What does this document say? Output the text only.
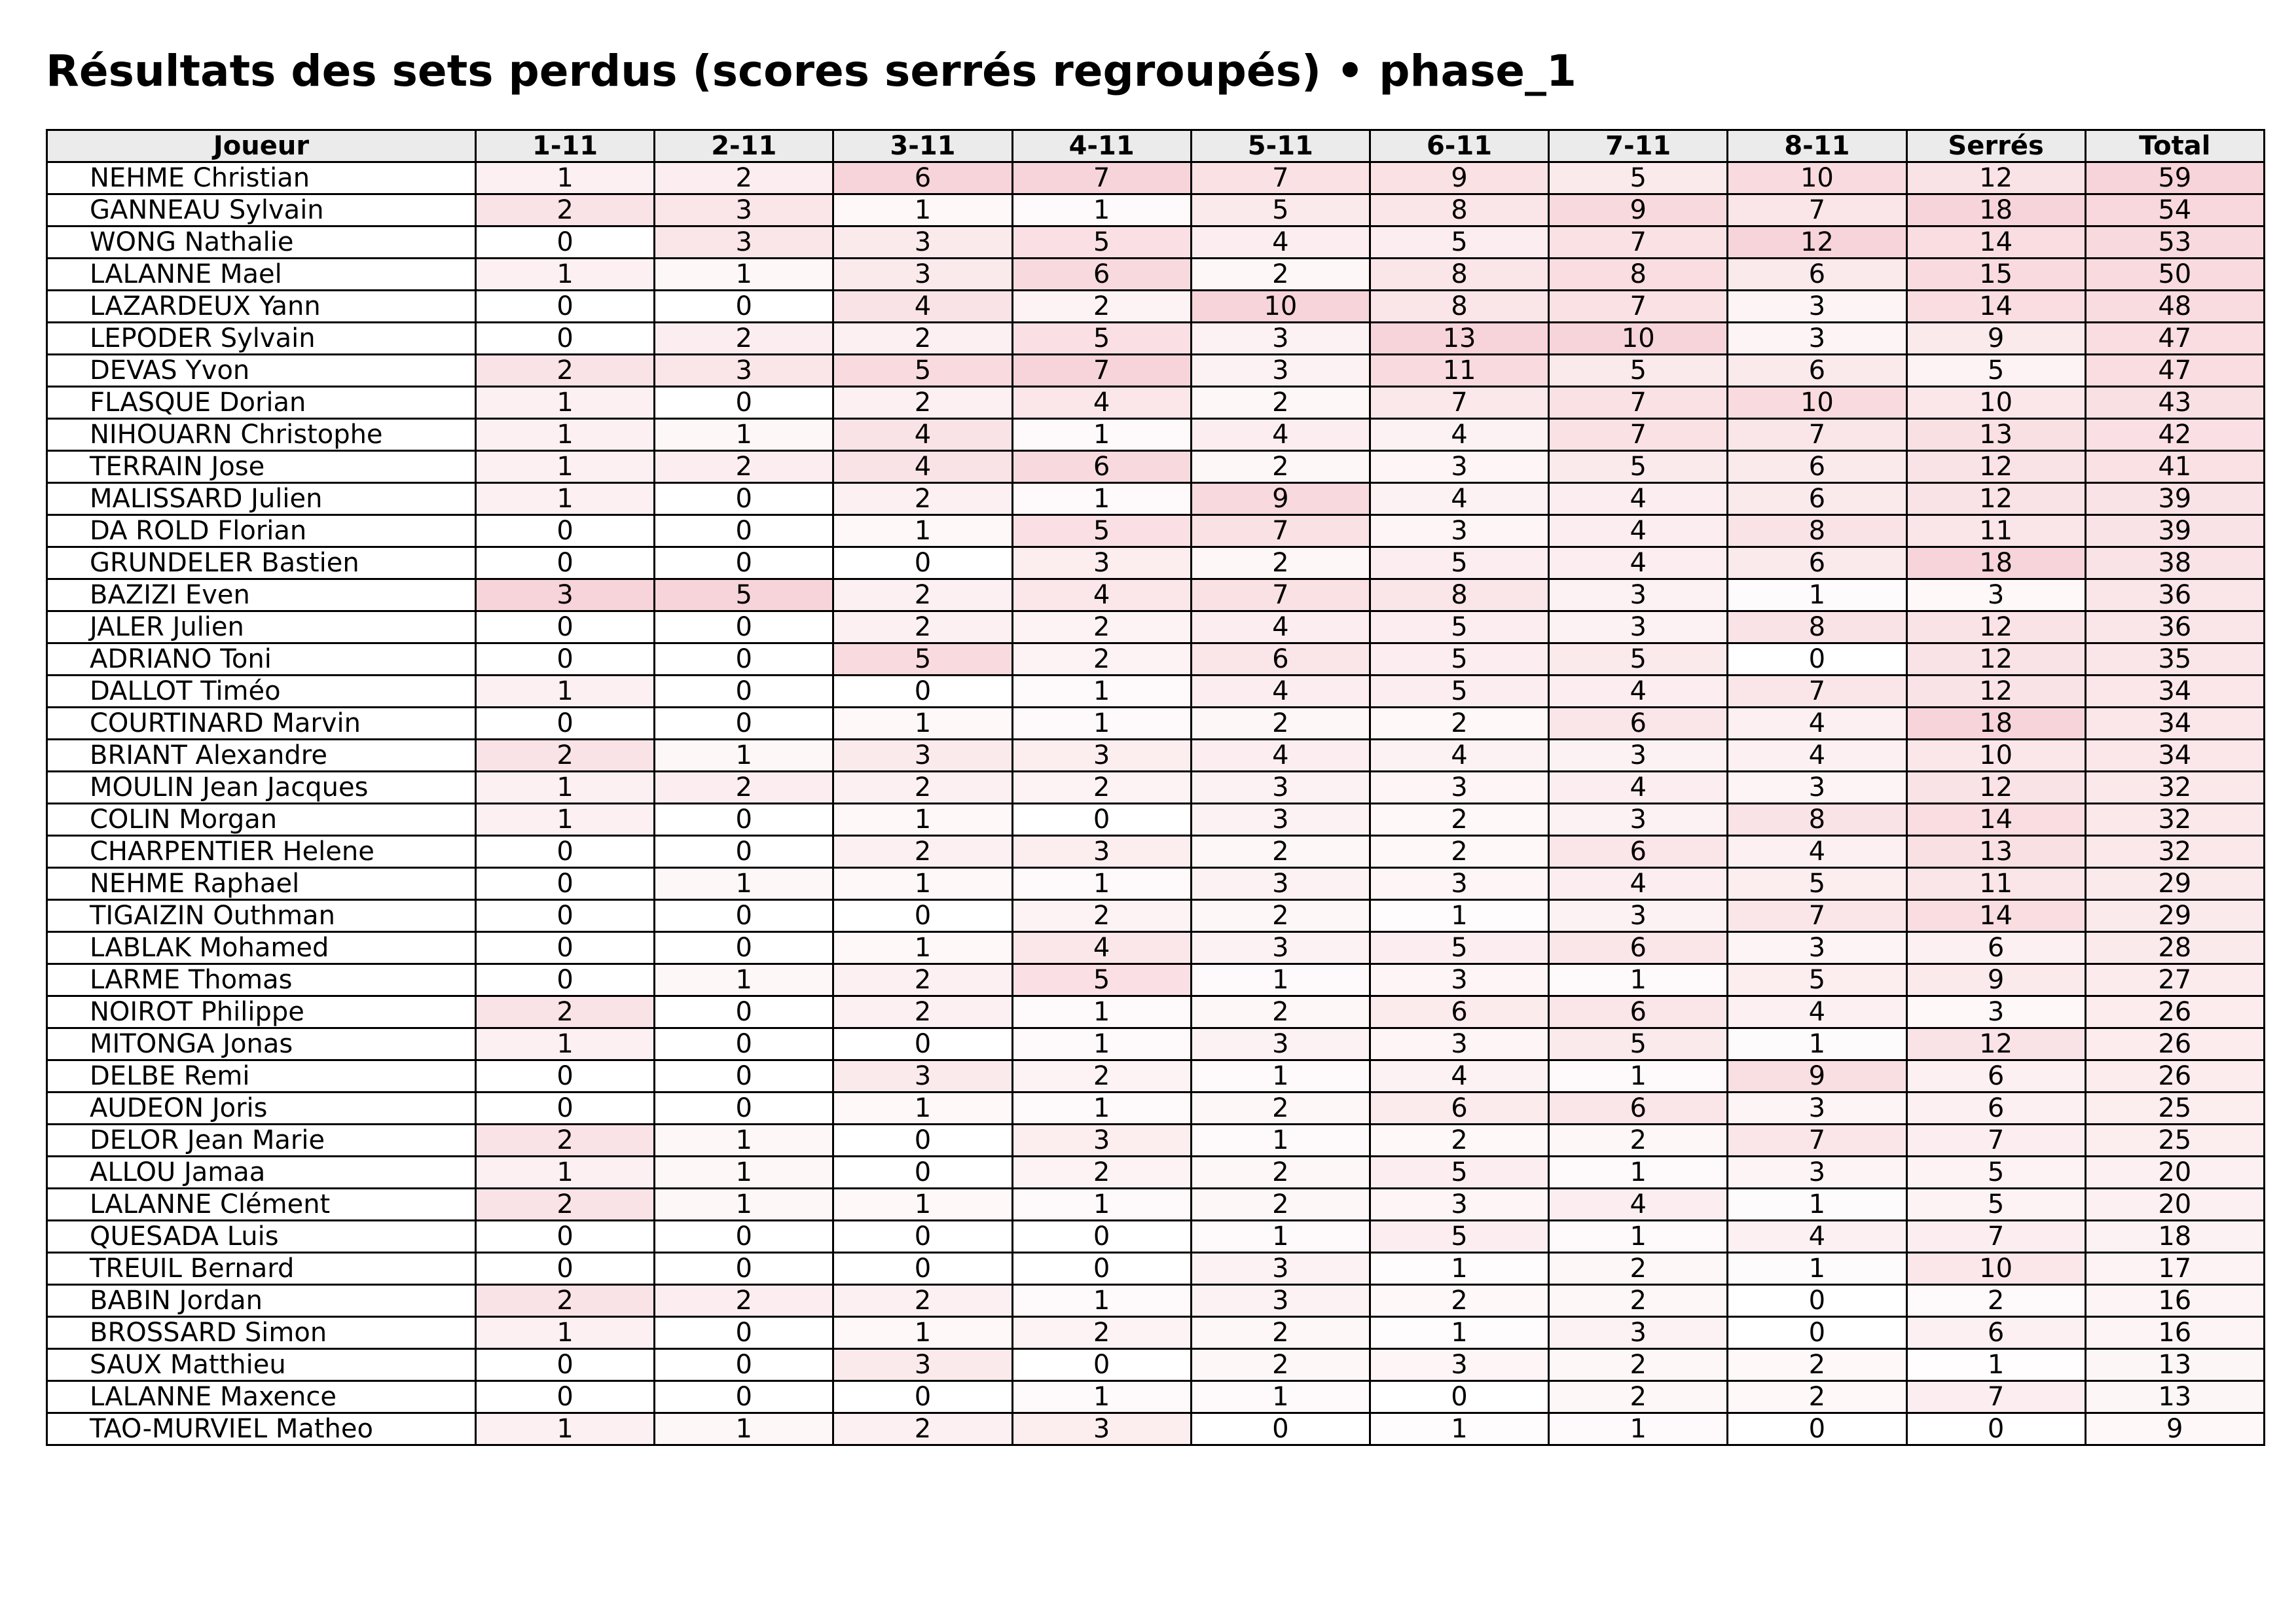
Résultats des sets perdus (scores serrés regroupés) • phase_1
Joueur	1-11	2-11	3-11	4-11	5-11	6-11	7-11	8-11	Serrés	Total
NEHME Christian	1	2	6	7	7	9	5	10	12	59
GANNEAU Sylvain	2	3	1	1	5	8	9	7	18	54
WONG Nathalie	0	3	3	5	4	5	7	12	14	53
LALANNE Mael	1	1	3	6	2	8	8	6	15	50
LAZARDEUX Yann	0	0	4	2	10	8	7	3	14	48
LEPODER Sylvain	0	2	2	5	3	13	10	3	9	47
DEVAS Yvon	2	3	5	7	3	11	5	6	5	47
FLASQUE Dorian	1	0	2	4	2	7	7	10	10	43
NIHOUARN Christophe	1	1	4	1	4	4	7	7	13	42
TERRAIN Jose	1	2	4	6	2	3	5	6	12	41
MALISSARD Julien	1	0	2	1	9	4	4	6	12	39
DA ROLD Florian	0	0	1	5	7	3	4	8	11	39
GRUNDELER Bastien	0	0	0	3	2	5	4	6	18	38
BAZIZI Even	3	5	2	4	7	8	3	1	3	36
JALER Julien	0	0	2	2	4	5	3	8	12	36
ADRIANO Toni	0	0	5	2	6	5	5	0	12	35
DALLOT Timéo	1	0	0	1	4	5	4	7	12	34
COURTINARD Marvin	0	0	1	1	2	2	6	4	18	34
BRIANT Alexandre	2	1	3	3	4	4	3	4	10	34
MOULIN Jean Jacques	1	2	2	2	3	3	4	3	12	32
COLIN Morgan	1	0	1	0	3	2	3	8	14	32
CHARPENTIER Helene	0	0	2	3	2	2	6	4	13	32
NEHME Raphael	0	1	1	1	3	3	4	5	11	29
TIGAIZIN Outhman	0	0	0	2	2	1	3	7	14	29
LABLAK Mohamed	0	0	1	4	3	5	6	3	6	28
LARME Thomas	0	1	2	5	1	3	1	5	9	27
NOIROT Philippe	2	0	2	1	2	6	6	4	3	26
MITONGA Jonas	1	0	0	1	3	3	5	1	12	26
DELBE Remi	0	0	3	2	1	4	1	9	6	26
AUDEON Joris	0	0	1	1	2	6	6	3	6	25
DELOR Jean Marie	2	1	0	3	1	2	2	7	7	25
ALLOU Jamaa	1	1	0	2	2	5	1	3	5	20
LALANNE Clément	2	1	1	1	2	3	4	1	5	20
QUESADA Luis	0	0	0	0	1	5	1	4	7	18
TREUIL Bernard	0	0	0	0	3	1	2	1	10	17
BABIN Jordan	2	2	2	1	3	2	2	0	2	16
BROSSARD Simon	1	0	1	2	2	1	3	0	6	16
SAUX Matthieu	0	0	3	0	2	3	2	2	1	13
LALANNE Maxence	0	0	0	1	1	0	2	2	7	13
TAO-MURVIEL Matheo	1	1	2	3	0	1	1	0	0	9
